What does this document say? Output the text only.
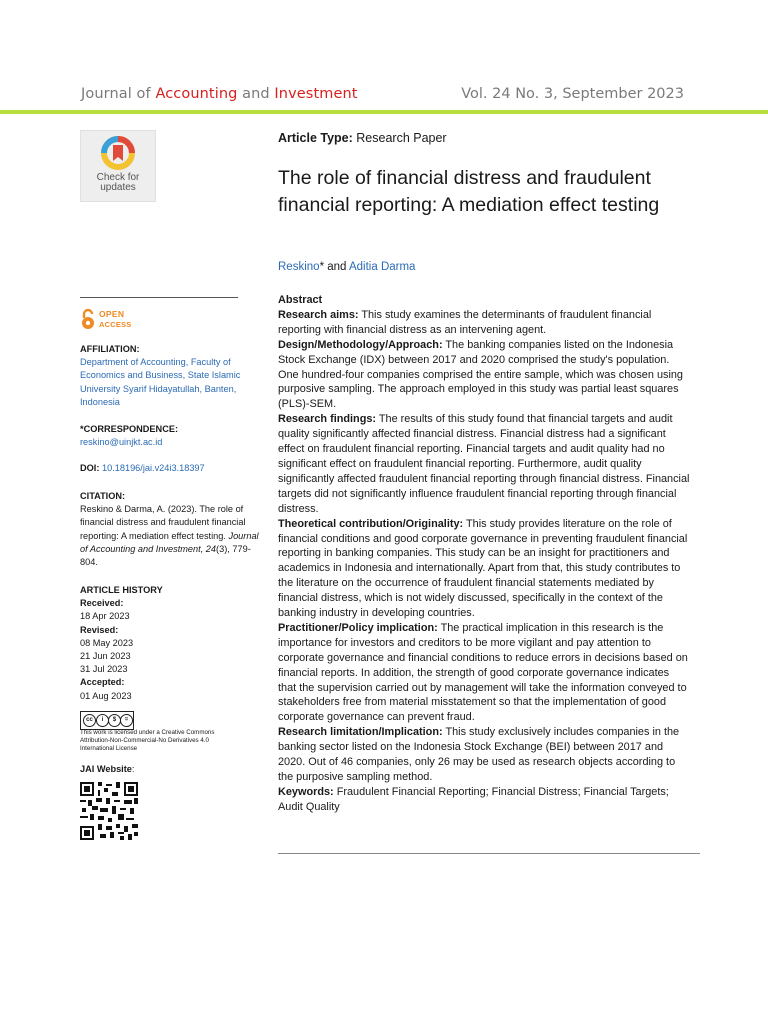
Journal of Accounting and Investment	Vol. 24 No. 3, September 2023
Check for
updates
OPEN
ACCESS
AFFILIATION:
Department of Accounting, Faculty of Economics and Business, State Islamic University Syarif Hidayatullah, Banten, Indonesia
*CORRESPONDENCE:
reskino@uinjkt.ac.id
DOI: 10.18196/jai.v24i3.18397
CITATION:
Reskino & Darma, A. (2023). The role of financial distress and fraudulent financial reporting: A mediation effect testing. Journal of Accounting and Investment, 24(3), 779-804.
ARTICLE HISTORY
Received:
18 Apr 2023
Revised:
08 May 2023
21 Jun 2023
31 Jul 2023
Accepted:
01 Aug 2023
cc	i	$	=
This work is licensed under a Creative Commons Attribution-Non-Commercial-No Derivatives 4.0 International License
JAI Website:
Article Type: Research Paper
The role of financial distress and fraudulent financial reporting: A mediation effect testing
Reskino* and Aditia Darma
Abstract
Research aims: This study examines the determinants of fraudulent financial reporting with financial distress as an intervening agent.
Design/Methodology/Approach: The banking companies listed on the Indonesia Stock Exchange (IDX) between 2017 and 2020 comprised the study's population. One hundred-four companies comprised the entire sample, which was chosen using purposive sampling. The approach employed in this study was partial least squares (PLS)-SEM.
Research findings: The results of this study found that financial targets and audit quality significantly affected financial distress. Financial distress had a significant effect on fraudulent financial reporting. Financial targets and audit quality had no significant effect on fraudulent financial reporting. Furthermore, audit quality significantly affected fraudulent financial reporting through financial distress. Financial targets did not significantly influence fraudulent financial reporting through financial distress.
Theoretical contribution/Originality: This study provides literature on the role of financial conditions and good corporate governance in preventing fraudulent financial reporting in banking companies. This study can be an insight for practitioners and academics in Indonesia and internationally. Apart from that, this study contributes to the literature on the occurrence of fraudulent financial statements mediated by financial distress, which is not widely discussed, specifically in the context of the banking industry in developing countries.
Practitioner/Policy implication: The practical implication in this research is the importance for investors and creditors to be more vigilant and pay attention to corporate governance and financial conditions to reduce errors in decisions based on financial reports. In addition, the strength of good corporate governance indicates that the supervision carried out by management will take the information conveyed to stakeholders free from material misstatement so that the implementation of good corporate governance can prevent fraud.
Research limitation/Implication: This study exclusively includes companies in the banking sector listed on the Indonesia Stock Exchange (BEI) between 2017 and 2020. Out of 46 companies, only 26 may be used as research objects according to the purposive sampling method.
Keywords: Fraudulent Financial Reporting; Financial Distress; Financial Targets; Audit Quality
